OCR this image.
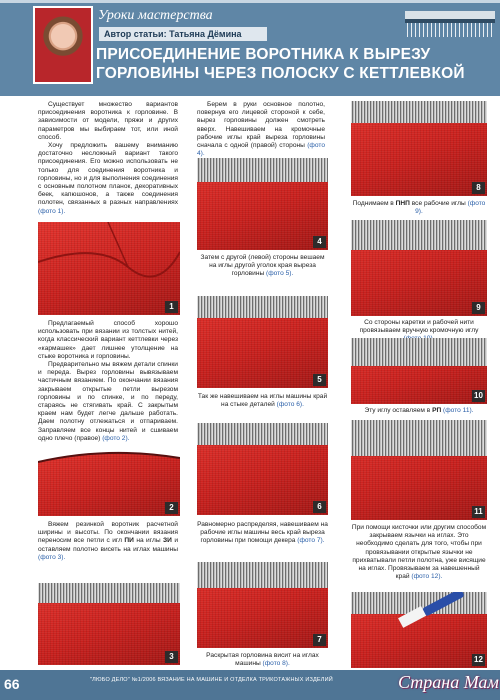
Уроки мастерства
Автор статьи: Татьяна Дёмина
ПРИСОЕДИНЕНИЕ ВОРОТНИКА К ВЫРЕЗУ
ГОРЛОВИНЫ ЧЕРЕЗ ПОЛОСКУ С КЕТТЛЕВКОЙ

Существует множество вариантов присоединения воротника к горловине. В зависимости от модели, пряжи и других параметров мы выбираем тот, или иной способ.

Хочу предложить вашему вниманию достаточно несложный вариант такого присоединения. Его можно использовать не только для соединения воротника и горловины, но и для выполнения соединения с основным полотном планок, декоративных беек, капюшонов, а также соединения полотен, связанных в разных направлениях (фото 1).

1

Предлагаемый способ хорошо использовать при вязании из толстых нитей, когда классический вариант кеттлевки через «кармашек» дает лишнее утолщение на стыке воротника и горловины.

Предварительно мы вяжем детали спинки и переда. Вырез горловины вывязываем частичным вязанием. По окончании вязания закрываем открытые петли вырезом горловины и по спинке, и по переду, стараясь не стягивать край. С закрытым краем нам будет легче дальше работать. Даем полотну отлежаться и отпариваем. Заправляем все концы нитей и сшиваем одно плечо (правое) (фото 2).

2

Вяжем резинкой воротник расчетной ширины и высоты. По окончании вязания переносим все петли с игл ПИ на иглы ЗИ и оставляем полотно висеть на иглах машины (фото 3).

3

Берем в руки основное полотно, повернув его лицевой стороной к себе, вырез горловины должен смотреть вверх. Навешиваем на кромочные рабочие иглы край выреза горловины сначала с одной (правой) стороны (фото 4).

4
Затем с другой (левой) стороны вешаем на иглы другой уголок края выреза горловины (фото 5).
5
Так же навешиваем на иглы машины край на стыке деталей (фото 6).
6
Равномерно распределяя, навешиваем на рабочие иглы машины весь край выреза горловины при помощи декера (фото 7).
7
Раскрытая горловина висит на иглах машины (фото 8).
8
Поднимаем в ПНП все рабочие иглы (фото 9).
9
Со стороны каретки и рабочей нити провязываем вручную кромочную иглу
10
Эту иглу оставляем в РП (фото 11).
11
При помощи кисточки или другим способом закрываем язычки на иглах. Это необходимо сделать для того, чтобы при провязывании открытые язычки не прихватывали петли полотна, уже висящие на иглах. Провязываем за навешенный край (фото 12).
12
66	"ЛЮБО ДЕЛО" №1/2006 ВЯЗАНИЕ НА МАШИНЕ И ОТДЕЛКА ТРИКОТАЖНЫХ ИЗДЕЛИЙ	Страна Мам
